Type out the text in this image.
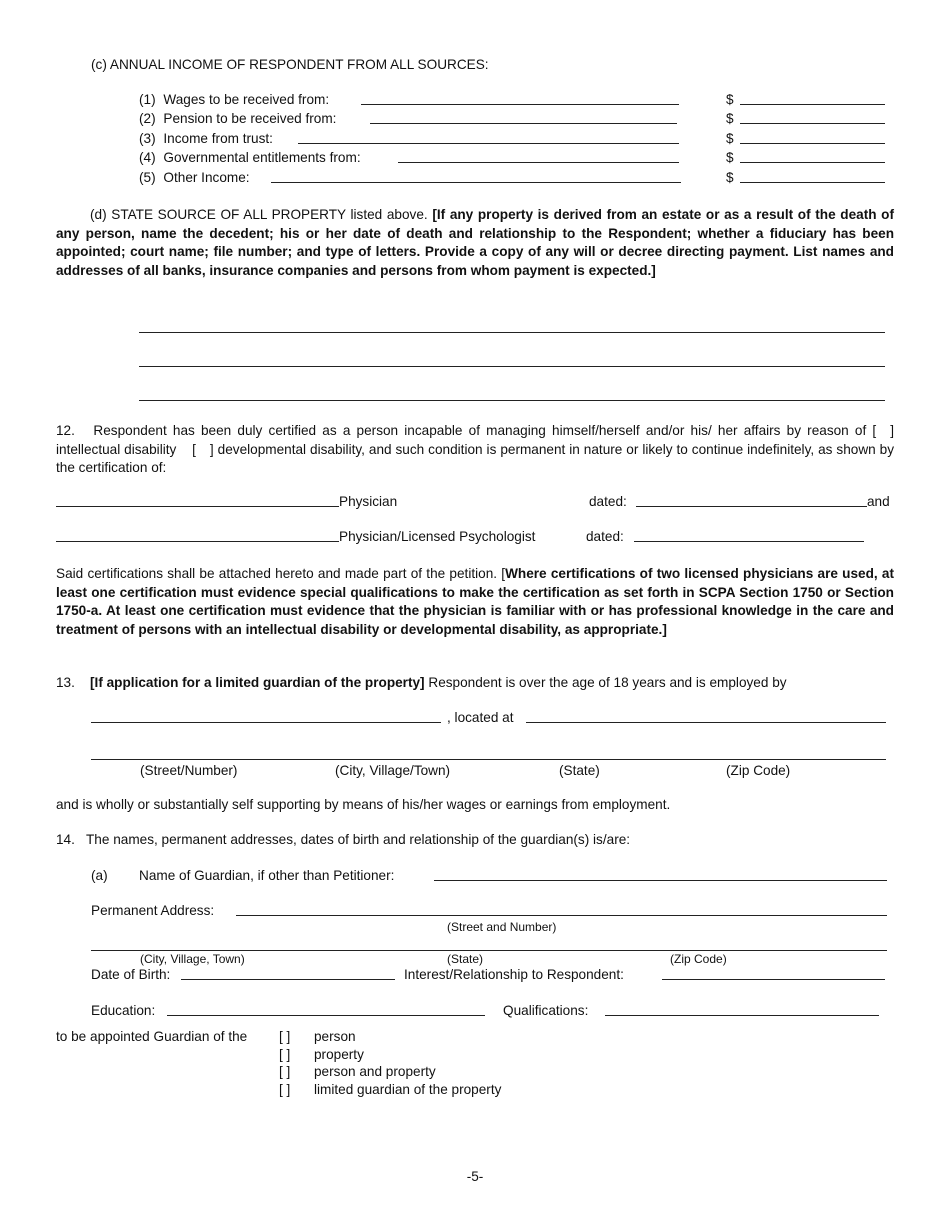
(c) ANNUAL INCOME OF RESPONDENT FROM ALL SOURCES:
(1) Wages to be received from:	$
(2) Pension to be received from:	$
(3) Income from trust:	$
(4) Governmental entitlements from:	$
(5) Other Income:	$
(d) STATE SOURCE OF ALL PROPERTY listed above. [If any property is derived from an estate or as a result of the death of any person, name the decedent; his or her date of death and relationship to the Respondent; whether a fiduciary has been appointed; court name; file number; and type of letters. Provide a copy of any will or decree directing payment. List names and addresses of all banks, insurance companies and persons from whom payment is expected.]
12. Respondent has been duly certified as a person incapable of managing himself/herself and/or his/ her affairs by reason of [ ] intellectual disability [ ] developmental disability, and such condition is permanent in nature or likely to continue indefinitely, as shown by the certification of:
Physician	dated:	and
Physician/Licensed Psychologist	dated:
Said certifications shall be attached hereto and made part of the petition. [Where certifications of two licensed physicians are used, at least one certification must evidence special qualifications to make the certification as set forth in SCPA Section 1750 or Section 1750-a. At least one certification must evidence that the physician is familiar with or has professional knowledge in the care and treatment of persons with an intellectual disability or developmental disability, as appropriate.]
13. [If application for a limited guardian of the property] Respondent is over the age of 18 years and is employed by
, located at
(Street/Number)	(City, Village/Town)	(State)	(Zip Code)
and is wholly or substantially self supporting by means of his/her wages or earnings from employment.
14. The names, permanent addresses, dates of birth and relationship of the guardian(s) is/are:
(a) Name of Guardian, if other than Petitioner:
Permanent Address:
(Street and Number)
(City, Village, Town)	(State)	(Zip Code)
Date of Birth:	Interest/Relationship to Respondent:
Education:	Qualifications:
to be appointed Guardian of the [ ] person
[ ] property
[ ] person and property
[ ] limited guardian of the property
-5-
